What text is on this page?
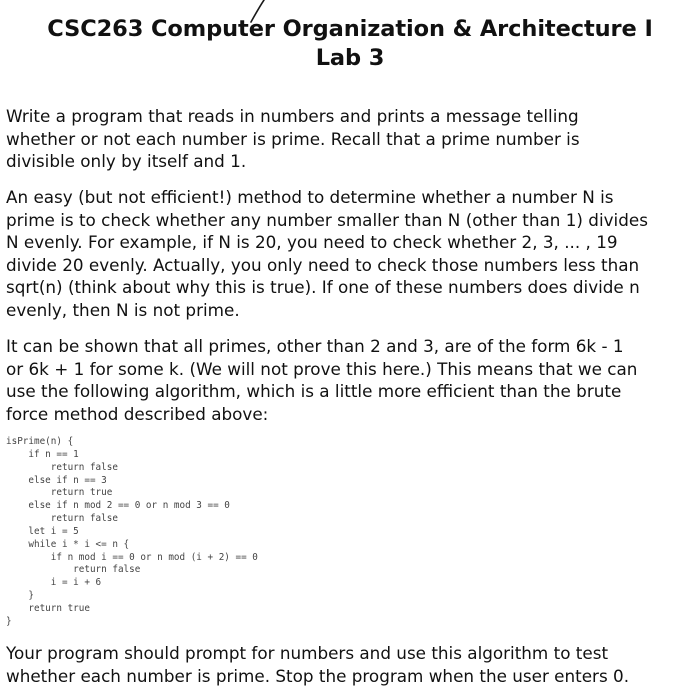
CSC263 Computer Organization & Architecture I
Lab 3

Write a program that reads in numbers and prints a message telling
whether or not each number is prime. Recall that a prime number is
divisible only by itself and 1.

An easy (but not efficient!) method to determine whether a number N is
prime is to check whether any number smaller than N (other than 1) divides
N evenly. For example, if N is 20, you need to check whether 2, 3, ... , 19
divide 20 evenly. Actually, you only need to check those numbers less than
sqrt(n) (think about why this is true). If one of these numbers does divide n
evenly, then N is not prime.

It can be shown that all primes, other than 2 and 3, are of the form 6k - 1
or 6k + 1 for some k. (We will not prove this here.) This means that we can
use the following algorithm, which is a little more efficient than the brute
force method described above:

isPrime(n) {
if n == 1
return false
else if n == 3
return true
else if n mod 2 == 0 or n mod 3 == 0
return false
let i = 5
while i * i <= n {
if n mod i == 0 or n mod (i + 2) == 0
return false
i = i + 6
}
return true
}

Your program should prompt for numbers and use this algorithm to test
whether each number is prime. Stop the program when the user enters 0.
